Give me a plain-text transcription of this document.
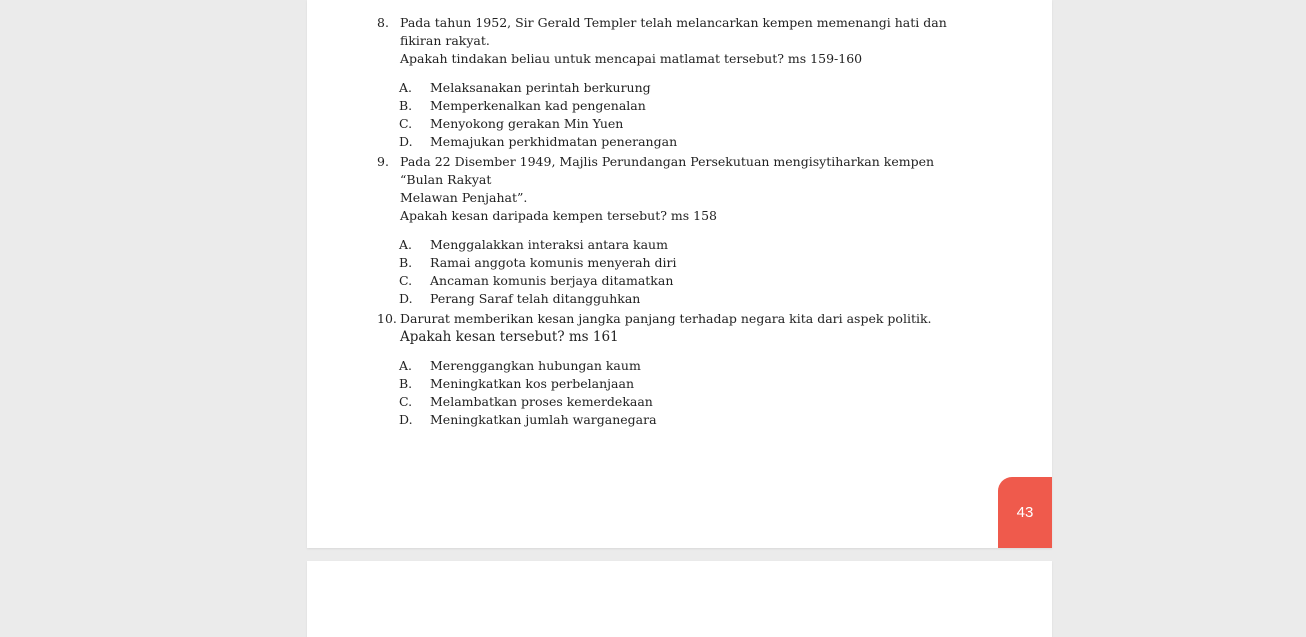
8. Pada tahun 1952, Sir Gerald Templer telah melancarkan kempen memenangi hati dan fikiran rakyat.

Apakah tindakan beliau untuk mencapai matlamat tersebut? ms 159-160

A.	Melaksanakan perintah berkurung
B.	Memperkenalkan kad pengenalan
C.	Menyokong gerakan Min Yuen
D.	Memajukan perkhidmatan penerangan
9. Pada 22 Disember 1949, Majlis Perundangan Persekutuan mengisytiharkan kempen “Bulan Rakyat

Melawan Penjahat”.

Apakah kesan daripada kempen tersebut? ms 158

A.	Menggalakkan interaksi antara kaum
B.	Ramai anggota komunis menyerah diri
C.	Ancaman komunis berjaya ditamatkan
D.	Perang Saraf telah ditangguhkan
10. Darurat memberikan kesan jangka panjang terhadap negara kita dari aspek politik.

Apakah kesan tersebut? ms 161

A.	Merenggangkan hubungan kaum
B.	Meningkatkan kos perbelanjaan
C.	Melambatkan proses kemerdekaan
D.	Meningkatkan jumlah warganegara
43
